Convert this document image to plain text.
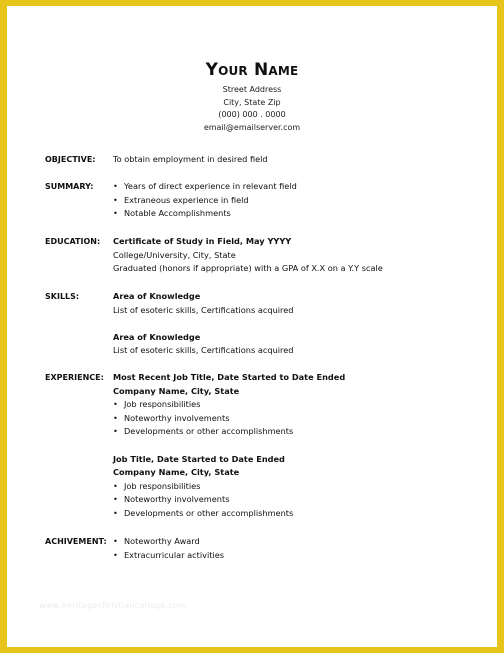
Your Name
Street Address
City, State Zip
(000) 000 . 0000
email@emailserver.com
OBJECTIVE: To obtain employment in desired field
SUMMARY:	• Years of direct experience in relevant field
• Extraneous experience in field
• Notable Accomplishments
EDUCATION: Certificate of Study in Field, May YYYY
College/University, City, State
Graduated (honors if appropriate) with a GPA of X.X on a Y.Y scale
SKILLS:	Area of Knowledge
List of esoteric skills, Certifications acquired
Area of Knowledge
List of esoteric skills, Certifications acquired
EXPERIENCE: Most Recent Job Title, Date Started to Date Ended
Company Name, City, State
• Job responsibilities
• Noteworthy involvements
• Developments or other accomplishments
Job Title, Date Started to Date Ended
Company Name, City, State
• Job responsibilities
• Noteworthy involvements
• Developments or other accomplishments
ACHIVEMENT:	• Noteworthy Award
• Extracurricular activities
www.heritagechristiancollege.com
